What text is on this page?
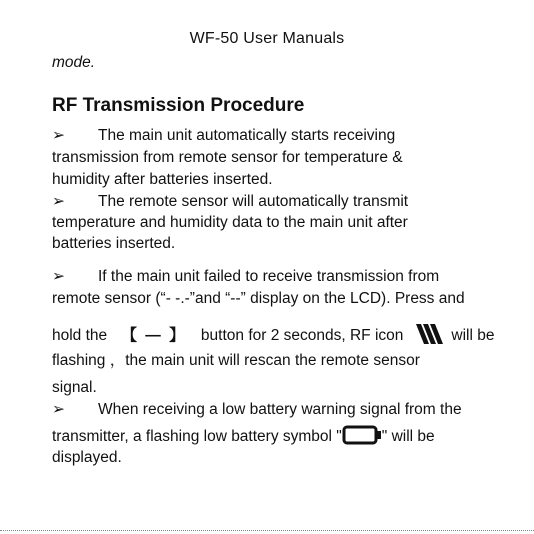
WF-50 User Manuals
mode.
RF Transmission Procedure
➢ The main unit automatically starts receiving
transmission from remote sensor for temperature &
humidity after batteries inserted.
➢ The remote sensor will automatically transmit
temperature and humidity data to the main unit after
batteries inserted.
➢ If the main unit failed to receive transmission from
remote sensor (“- -.-”and “--” display on the LCD). Press and
hold the 【 — 】 button for 2 seconds, RF icon	will be
flashing ，the main unit will rescan the remote sensor
signal.
➢ When receiving a low battery warning signal from the
transmitter, a flashing low battery symbol "	" will be
displayed.
